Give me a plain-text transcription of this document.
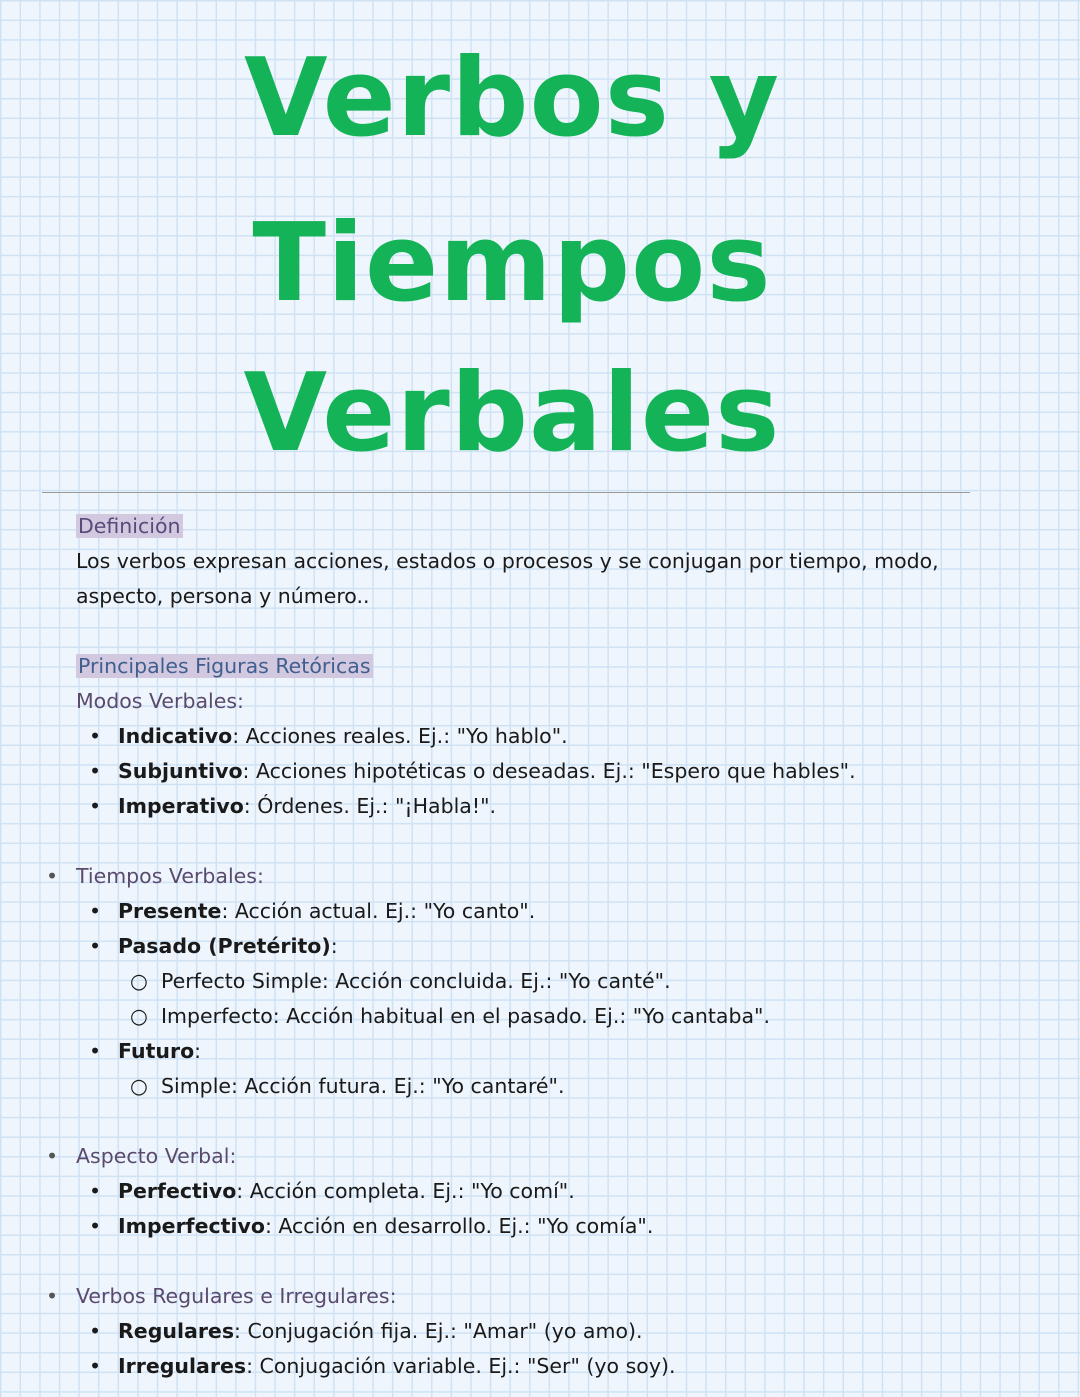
Verbos y
Tiempos
Verbales
Definición
Los verbos expresan acciones, estados o procesos y se conjugan por tiempo, modo,
aspecto, persona y número..
Principales Figuras Retóricas
Modos Verbales:
• Indicativo: Acciones reales. Ej.: "Yo hablo".
• Subjuntivo: Acciones hipotéticas o deseadas. Ej.: "Espero que hables".
• Imperativo: Órdenes. Ej.: "¡Habla!".
• Tiempos Verbales:
• Presente: Acción actual. Ej.: "Yo canto".
• Pasado (Pretérito):
○ Perfecto Simple: Acción concluida. Ej.: "Yo canté".
○ Imperfecto: Acción habitual en el pasado. Ej.: "Yo cantaba".
• Futuro:
○ Simple: Acción futura. Ej.: "Yo cantaré".
• Aspecto Verbal:
• Perfectivo: Acción completa. Ej.: "Yo comí".
• Imperfectivo: Acción en desarrollo. Ej.: "Yo comía".
• Verbos Regulares e Irregulares:
• Regulares: Conjugación fija. Ej.: "Amar" (yo amo).
• Irregulares: Conjugación variable. Ej.: "Ser" (yo soy).
